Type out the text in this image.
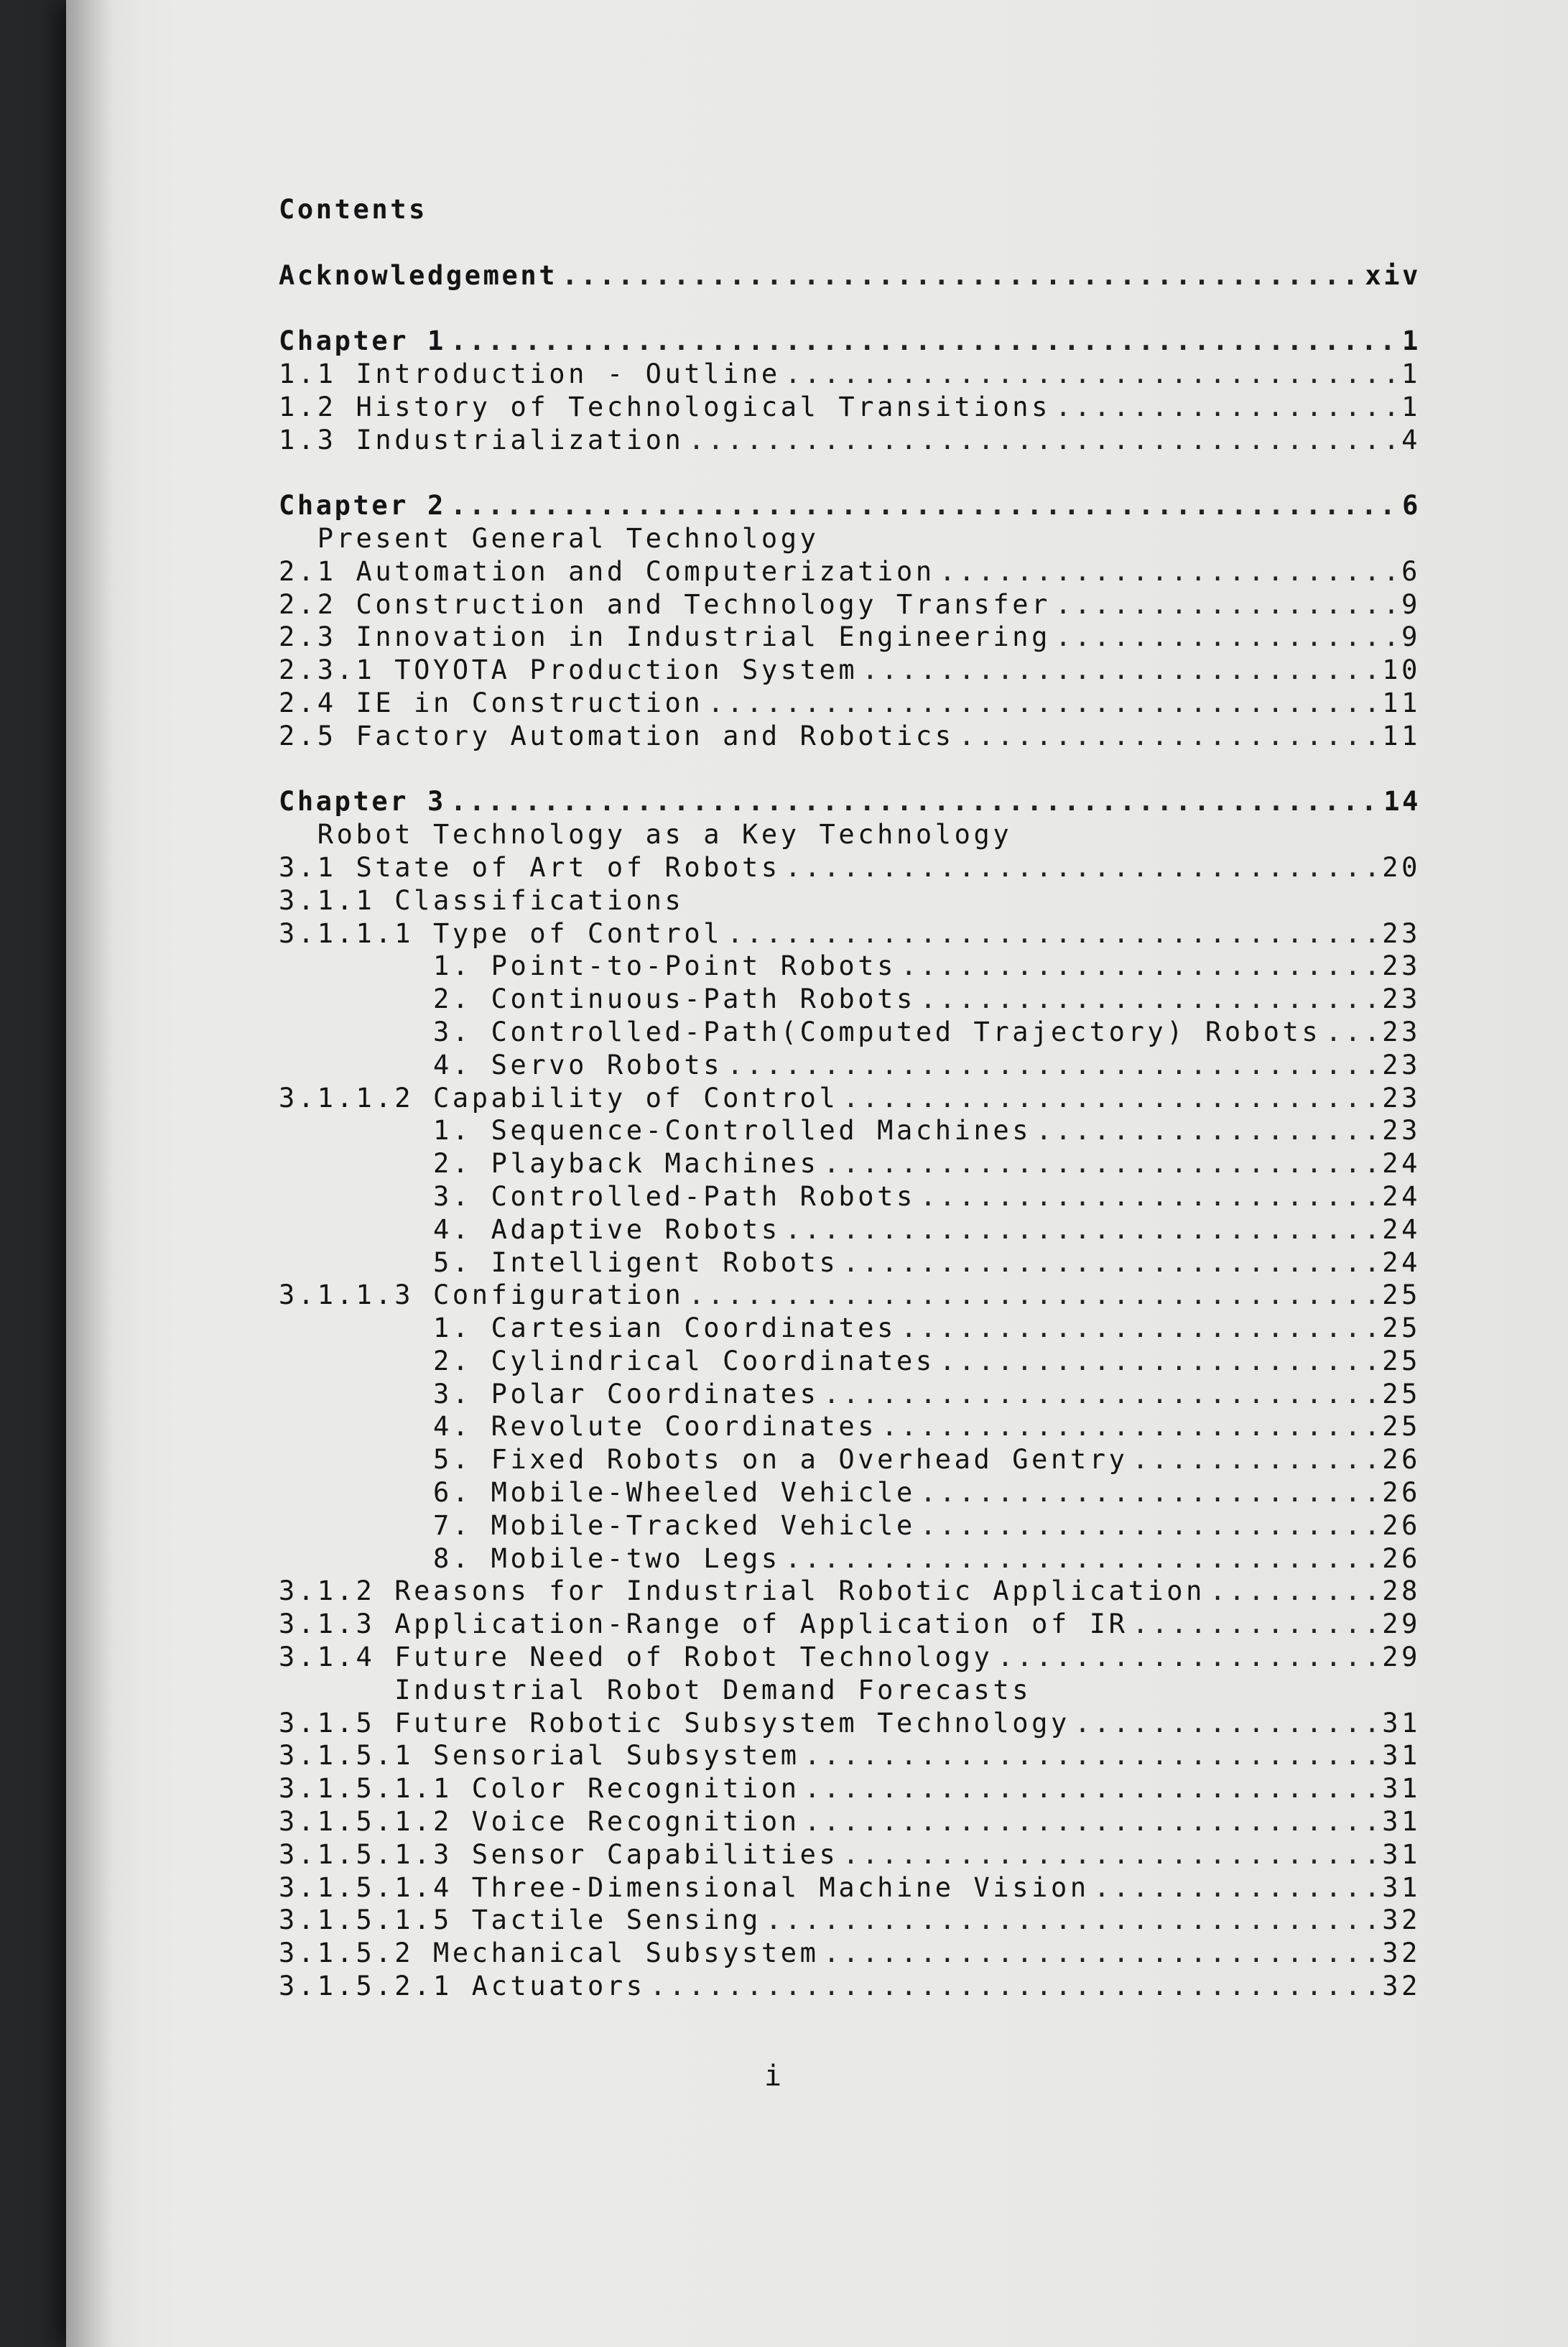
Contents
Acknowledgement .....	xiv
Chapter 1 .....	1
1.1 Introduction - Outline .....	1
1.2 History of Technological Transitions .....	1
1.3 Industrialization .....	4
Chapter 2 .....	6
Present General Technology
2.1 Automation and Computerization .....	6
2.2 Construction and Technology Transfer .....	9
2.3 Innovation in Industrial Engineering .....	9
2.3.1 TOYOTA Production System .....	10
2.4 IE in Construction .....	11
2.5 Factory Automation and Robotics .....	11
Chapter 3 .....	14
Robot Technology as a Key Technology
3.1 State of Art of Robots .....	20
3.1.1 Classifications
3.1.1.1 Type of Control .....	23
1. Point-to-Point Robots .....	23
2. Continuous-Path Robots .....	23
3. Controlled-Path(Computed Trajectory) Robots ..... 23
4. Servo Robots .....	23
3.1.1.2 Capability of Control .....	23
1. Sequence-Controlled Machines .....	23
2. Playback Machines .....	24
3. Controlled-Path Robots .....	24
4. Adaptive Robots .....	24
5. Intelligent Robots .....	24
3.1.1.3 Configuration .....	25
1. Cartesian Coordinates .....	25
2. Cylindrical Coordinates .....	25
3. Polar Coordinates .....	25
4. Revolute Coordinates .....	25
5. Fixed Robots on a Overhead Gentry .....	26
6. Mobile-Wheeled Vehicle .....	26
7. Mobile-Tracked Vehicle .....	26
8. Mobile-two Legs .....	26
3.1.2 Reasons for Industrial Robotic Application .....	28
3.1.3 Application-Range of Application of IR .....	29
3.1.4 Future Need of Robot Technology .....	29
Industrial Robot Demand Forecasts
3.1.5 Future Robotic Subsystem Technology .....	31
3.1.5.1 Sensorial Subsystem .....	31
3.1.5.1.1 Color Recognition .....	31
3.1.5.1.2 Voice Recognition .....	31
3.1.5.1.3 Sensor Capabilities .....	31
3.1.5.1.4 Three-Dimensional Machine Vision .....	31
3.1.5.1.5 Tactile Sensing .....	32
3.1.5.2 Mechanical Subsystem .....	32
3.1.5.2.1 Actuators .....	32
i
